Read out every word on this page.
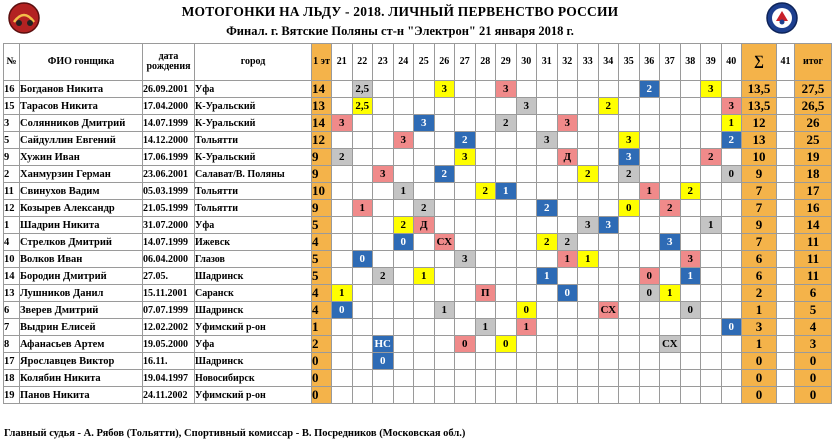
МОТОГОНКИ НА ЛЬДУ - 2018. ЛИЧНЫЙ ПЕРВЕНСТВО РОССИИ
Финал. г. Вятские Поляны ст-н "Электрон" 21 января 2018 г.
№	ФИО гонщика	дата рождения	город	1 эт	21	22	23	24	25	26	27	28	29	30	31	32	33	34	35	36	37	38	39	40	∑	41	итог
16	Богданов Никита	26.09.2001	Уфа	14		2,5				3			3							2			3		13,5		27,5
15	Тарасов Никита	17.04.2000	К-Уральский	13		2,5								3				2						3	13,5		26,5
3	Солянников Дмитрий	14.07.1999	К-Уральский	14	3				3				2			3								1	12		26
5	Сайдуллин Евгений	14.12.2000	Тольятти	12				3			2				3				3					2	13		25
9	Хужин Иван	17.06.1999	К-Уральский	9	2						3					Д			3				2		10		19
2	Ханмурзин Герман	23.06.2001	Салават/В. Поляны	9			3			2							2		2					0	9		18
11	Свинухов Вадим	05.03.1999	Тольятти	10				1				2	1							1		2			7		17
12	Козырев Александр	21.05.1999	Тольятти	9		1			2						2				0		2				7		16
1	Шадрин Никита	31.07.2000	Уфа	5				2	Д								3	3					1		9		14
4	Стрелков Дмитрий	14.07.1999	Ижевск	4				0		СХ					2	2					3				7		11
10	Волков Иван	06.04.2000	Глазов	5		0					3					1	1					3			6		11
14	Бородин Дмитрий	27.05.	Шадринск	5			2		1						1					0		1			6		11
13	Лушников Данил	15.11.2001	Саранск	4	1							П				0				0	1				2		6
6	Зверев Дмитрий	07.07.1999	Шадринск	4	0					1				0				СХ				0			1		5
7	Выдрин Елисей	12.02.2002	Уфимский р-он	1								1		1										0	3		4
8	Афанасьев Артем	19.05.2000	Уфа	2			НС				0		0								СХ				1		3
17	Ярославцев Виктор	16.11.	Шадринск	0			0																		0		0
18	Колябин Никита	19.04.1997	Новосибирск	0																					0		0
19	Панов Никита	24.11.2002	Уфимский р-он	0																					0		0
Главный судья - А. Рябов (Тольятти), Спортивный комиссар - В. Посредников (Московская обл.)
